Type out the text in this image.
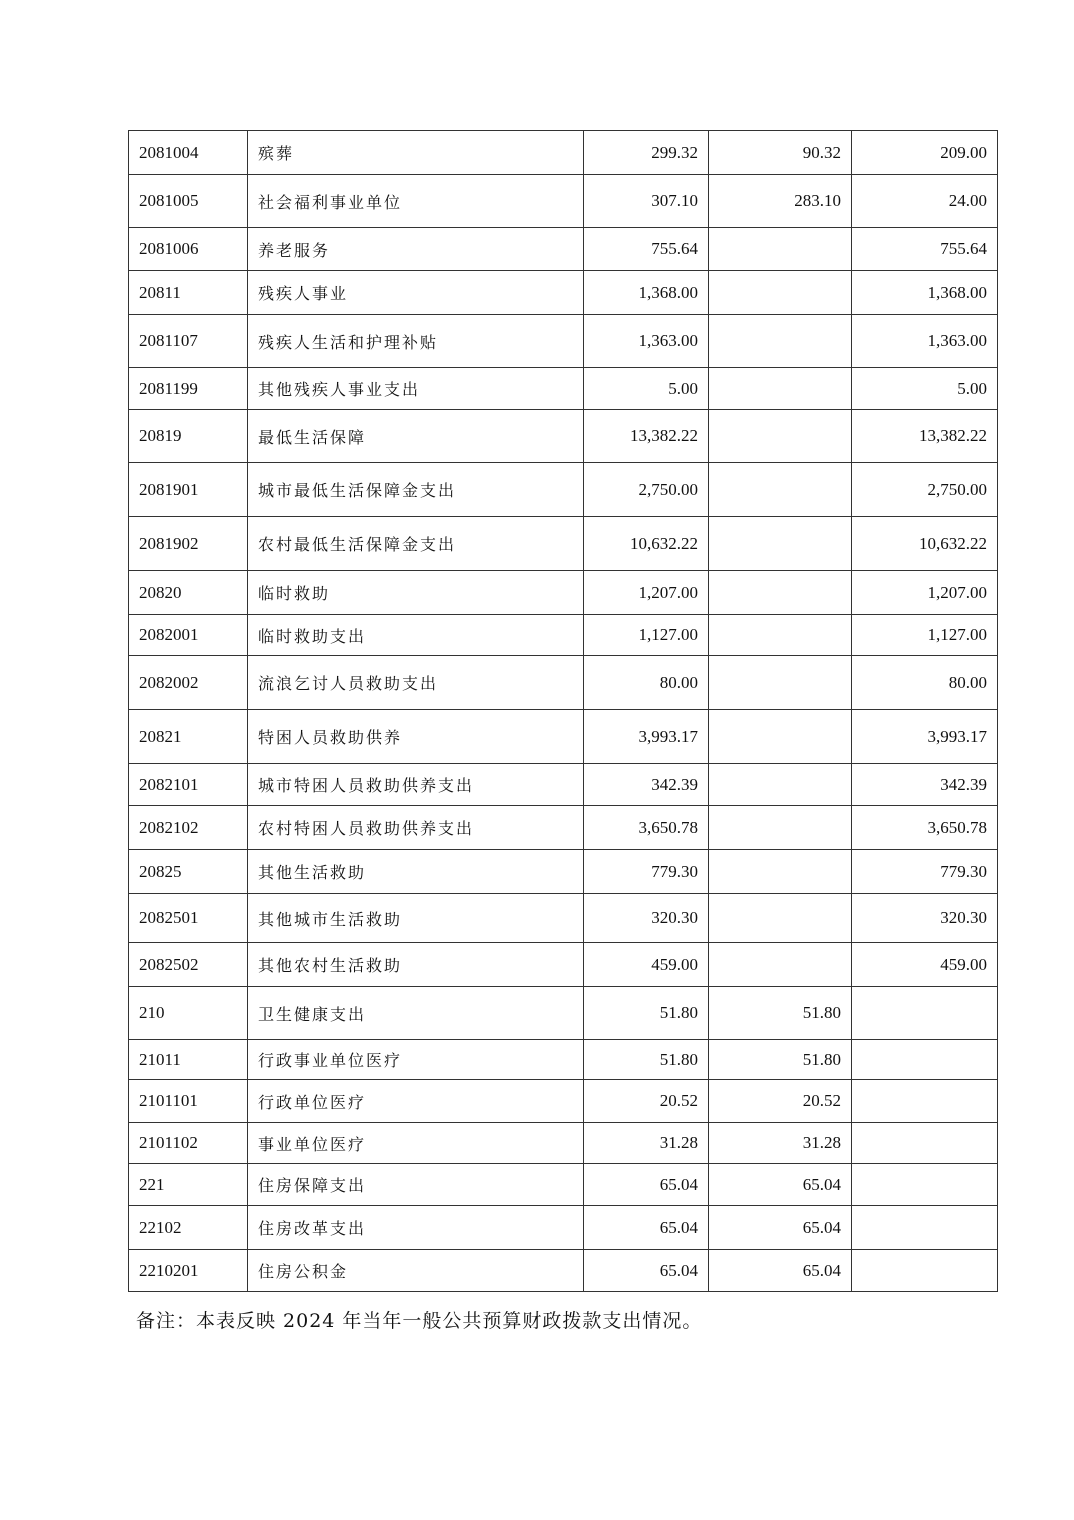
2081004	殡葬	299.32	90.32	209.00
2081005	社会福利事业单位	307.10	283.10	24.00
2081006	养老服务	755.64		755.64
20811	残疾人事业	1,368.00		1,368.00
2081107	残疾人生活和护理补贴	1,363.00		1,363.00
2081199	其他残疾人事业支出	5.00		5.00
20819	最低生活保障	13,382.22		13,382.22
2081901	城市最低生活保障金支出	2,750.00		2,750.00
2081902	农村最低生活保障金支出	10,632.22		10,632.22
20820	临时救助	1,207.00		1,207.00
2082001	临时救助支出	1,127.00		1,127.00
2082002	流浪乞讨人员救助支出	80.00		80.00
20821	特困人员救助供养	3,993.17		3,993.17
2082101	城市特困人员救助供养支出	342.39		342.39
2082102	农村特困人员救助供养支出	3,650.78		3,650.78
20825	其他生活救助	779.30		779.30
2082501	其他城市生活救助	320.30		320.30
2082502	其他农村生活救助	459.00		459.00
210	卫生健康支出	51.80	51.80	
21011	行政事业单位医疗	51.80	51.80	
2101101	行政单位医疗	20.52	20.52	
2101102	事业单位医疗	31.28	31.28	
221	住房保障支出	65.04	65.04	
22102	住房改革支出	65.04	65.04	
2210201	住房公积金	65.04	65.04	
备注：本表反映 2024 年当年一般公共预算财政拨款支出情况。
